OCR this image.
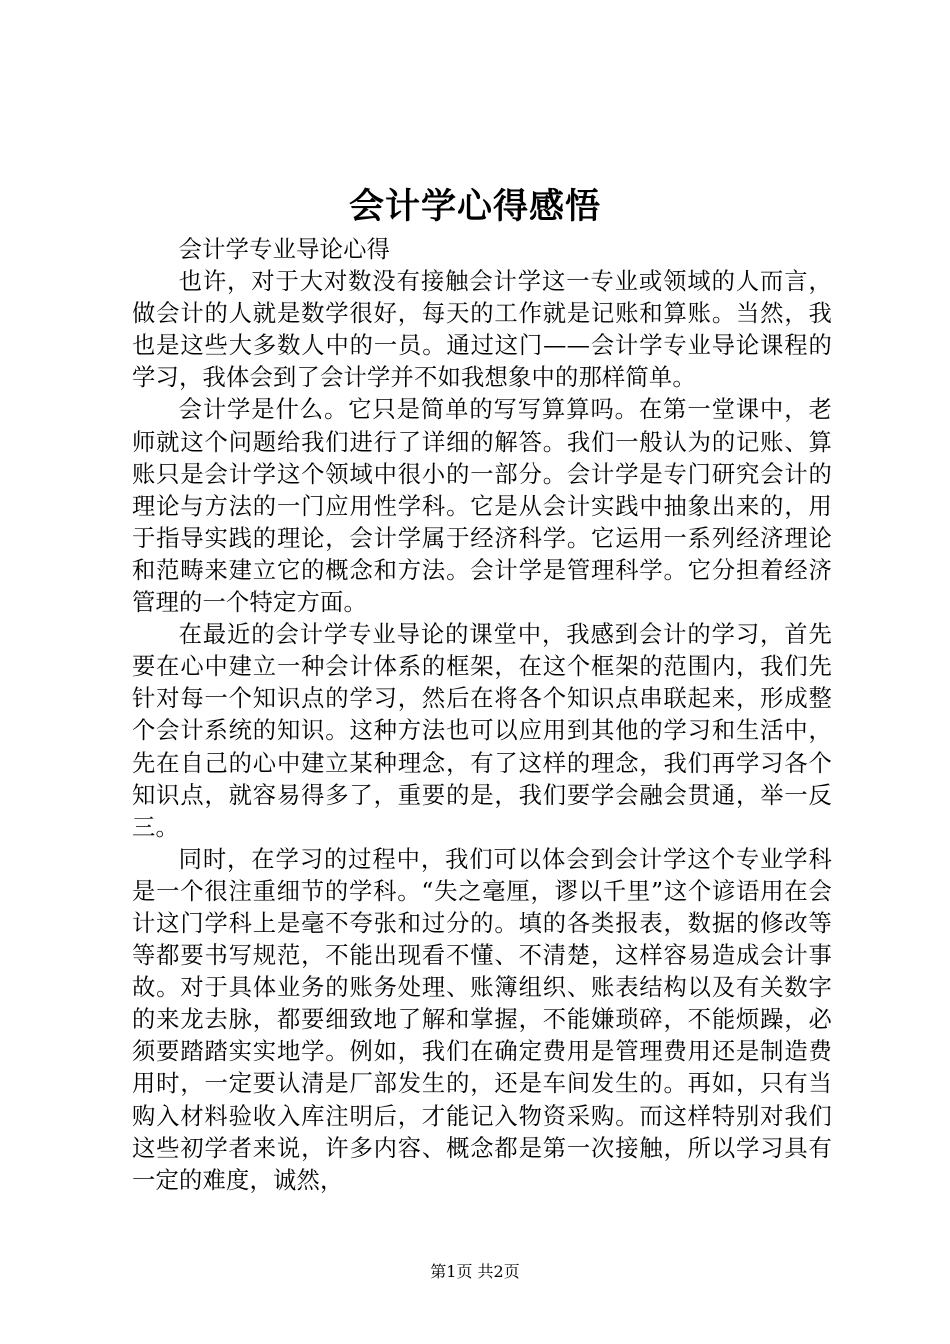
会计学心得感悟

会计学专业导论心得

也许，对于大对数没有接触会计学这一专业或领域的人而言，做会计的人就是数学很好，每天的工作就是记账和算账。当然，我也是这些大多数人中的一员。通过这门——会计学专业导论课程的学习，我体会到了会计学并不如我想象中的那样简单。

会计学是什么。它只是简单的写写算算吗。在第一堂课中，老师就这个问题给我们进行了详细的解答。我们一般认为的记账、算账只是会计学这个领域中很小的一部分。会计学是专门研究会计的理论与方法的一门应用性学科。它是从会计实践中抽象出来的，用于指导实践的理论，会计学属于经济科学。它运用一系列经济理论和范畴来建立它的概念和方法。会计学是管理科学。它分担着经济管理的一个特定方面。

在最近的会计学专业导论的课堂中，我感到会计的学习，首先要在心中建立一种会计体系的框架，在这个框架的范围内，我们先针对每一个知识点的学习，然后在将各个知识点串联起来，形成整个会计系统的知识。这种方法也可以应用到其他的学习和生活中，先在自己的心中建立某种理念，有了这样的理念，我们再学习各个知识点，就容易得多了，重要的是，我们要学会融会贯通，举一反三。

同时，在学习的过程中，我们可以体会到会计学这个专业学科是一个很注重细节的学科。“失之毫厘，谬以千里”这个谚语用在会计这门学科上是毫不夸张和过分的。填的各类报表，数据的修改等等都要书写规范，不能出现看不懂、不清楚，这样容易造成会计事故。对于具体业务的账务处理、账簿组织、账表结构以及有关数字的来龙去脉，都要细致地了解和掌握，不能嫌琐碎，不能烦躁，必须要踏踏实实地学。例如，我们在确定费用是管理费用还是制造费用时，一定要认清是厂部发生的，还是车间发生的。再如，只有当购入材料验收入库注明后，才能记入物资采购。而这样特别对我们这些初学者来说，许多内容、概念都是第一次接触，所以学习具有一定的难度，诚然，

第1页 共2页
